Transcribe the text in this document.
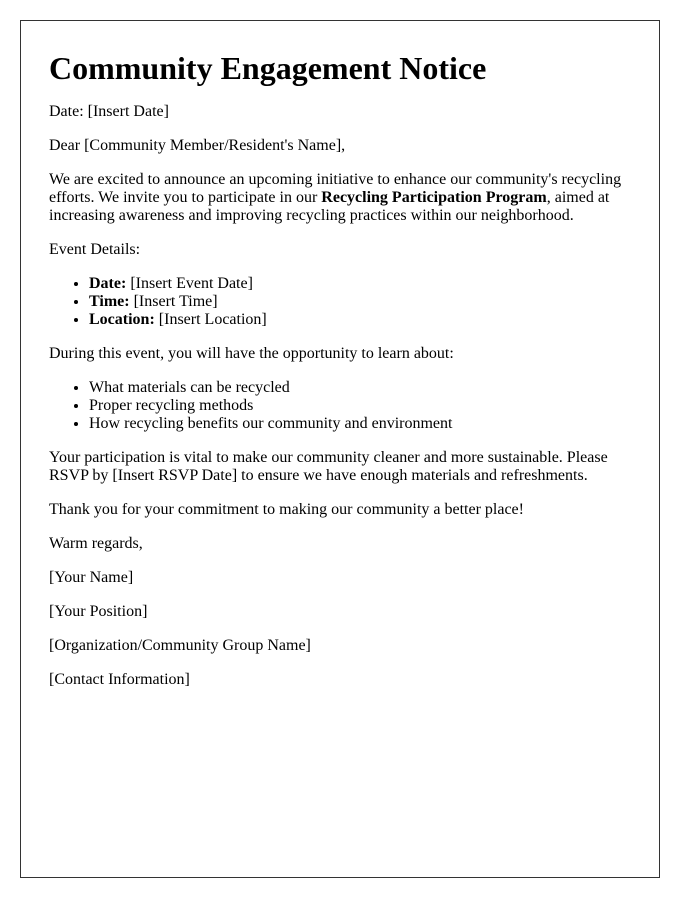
Community Engagement Notice

Date: [Insert Date]

Dear [Community Member/Resident's Name],

We are excited to announce an upcoming initiative to enhance our community's recycling efforts. We invite you to participate in our Recycling Participation Program, aimed at increasing awareness and improving recycling practices within our neighborhood.

Event Details:

• Date: [Insert Event Date]
• Time: [Insert Time]
• Location: [Insert Location]

During this event, you will have the opportunity to learn about:

• What materials can be recycled
• Proper recycling methods
• How recycling benefits our community and environment

Your participation is vital to make our community cleaner and more sustainable. Please RSVP by [Insert RSVP Date] to ensure we have enough materials and refreshments.

Thank you for your commitment to making our community a better place!

Warm regards,

[Your Name]

[Your Position]

[Organization/Community Group Name]

[Contact Information]
